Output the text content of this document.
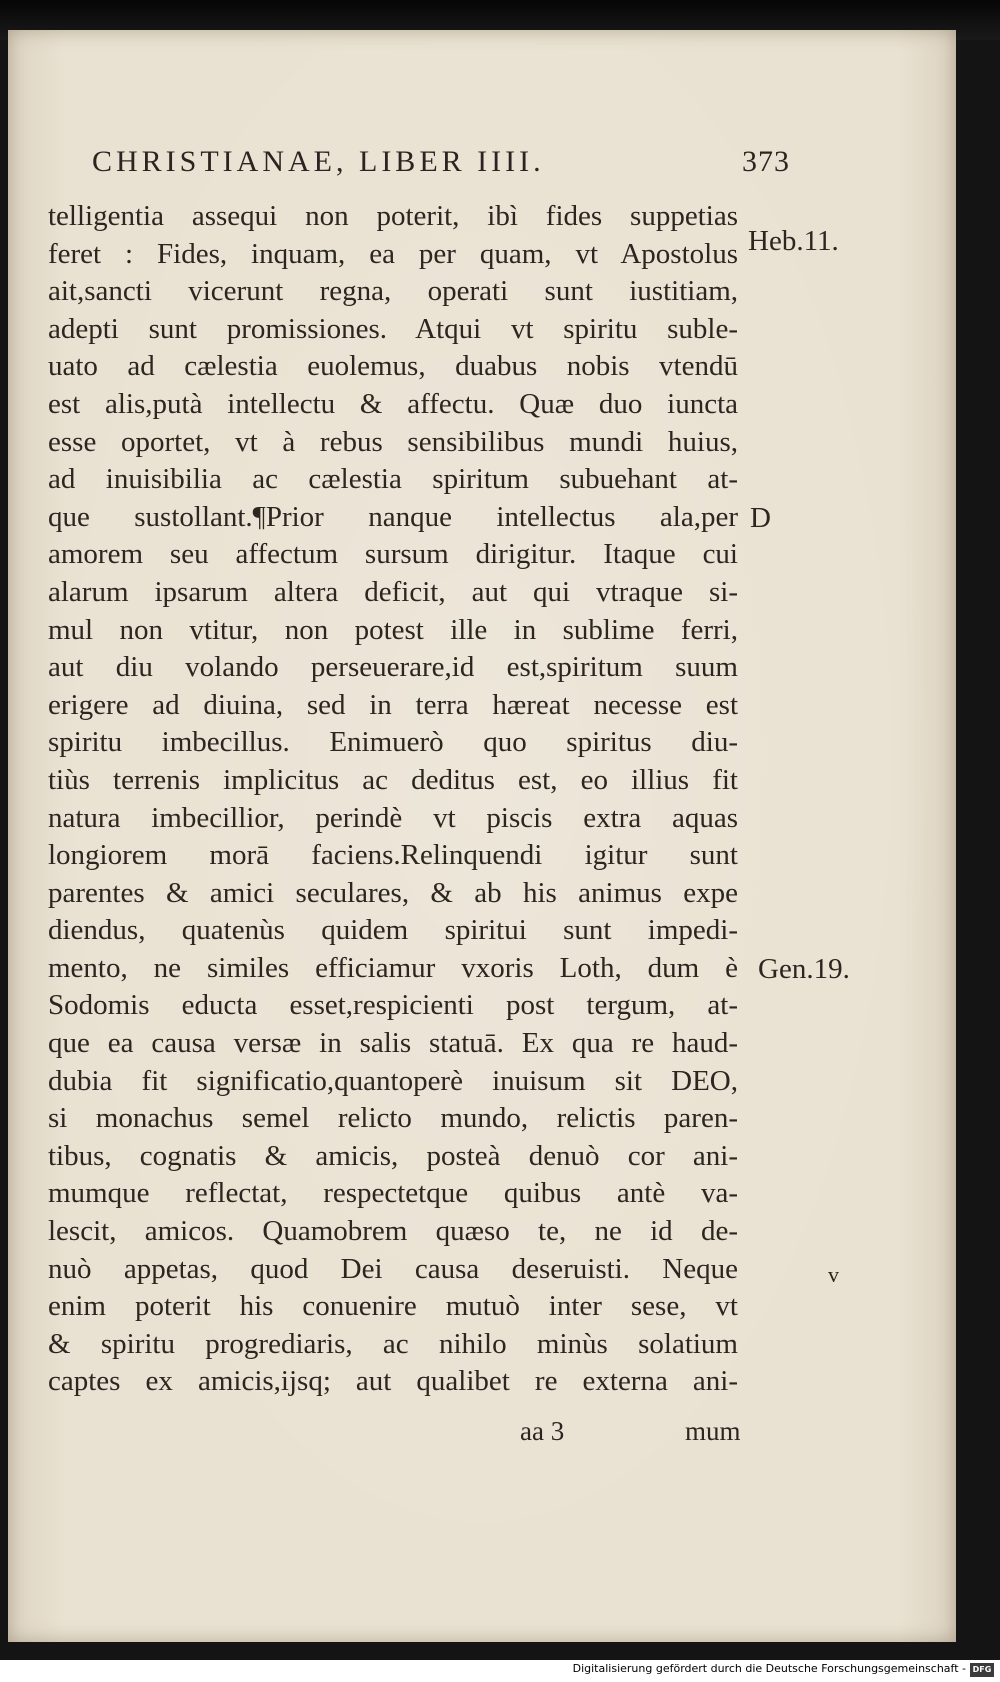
CHRISTIANAE, LIBER IIII.	373
telligentia assequi non poterit, ibì fides suppetias
feret : Fides, inquam, ea per quam, vt Apostolus
ait,sancti vicerunt regna, operati sunt iustitiam,
adepti sunt promissiones. Atqui vt spiritu suble-
uato ad cælestia euolemus, duabus nobis vtendū
est alis,putà intellectu & affectu. Quæ duo iuncta
esse oportet, vt à rebus sensibilibus mundi huius,
ad inuisibilia ac cælestia spiritum subuehant at-
que sustollant.¶Prior nanque intellectus ala,per
amorem seu affectum sursum dirigitur. Itaque cui
alarum ipsarum altera deficit, aut qui vtraque si-
mul non vtitur, non potest ille in sublime ferri,
aut diu volando perseuerare,id est,spiritum suum
erigere ad diuina, sed in terra hæreat necesse est
spiritu imbecillus. Enimuerò quo spiritus diu-
tiùs terrenis implicitus ac deditus est, eo illius fit
natura imbecillior, perindè vt piscis extra aquas
longiorem morā faciens.Relinquendi igitur sunt
parentes & amici seculares, & ab his animus expe
diendus, quatenùs quidem spiritui sunt impedi-
mento, ne similes efficiamur vxoris Loth, dum è
Sodomis educta esset,respicienti post tergum, at-
que ea causa versæ in salis statuā. Ex qua re haud-
dubia fit significatio,quantoperè inuisum sit DEO,
si monachus semel relicto mundo, relictis paren-
tibus, cognatis & amicis, posteà denuò cor ani-
mumque reflectat, respectetque quibus antè va-
lescit, amicos. Quamobrem quæso te, ne id de-
nuò appetas, quod Dei causa deseruisti. Neque
enim poterit his conuenire mutuò inter sese, vt
& spiritu progrediaris, ac nihilo minùs solatium
captes ex amicis,ijsq; aut qualibet re externa ani-
Heb.11.
D
Gen.19.
v
aa 3	mum
Digitalisierung gefördert durch die Deutsche Forschungsgemeinschaft - DFG
